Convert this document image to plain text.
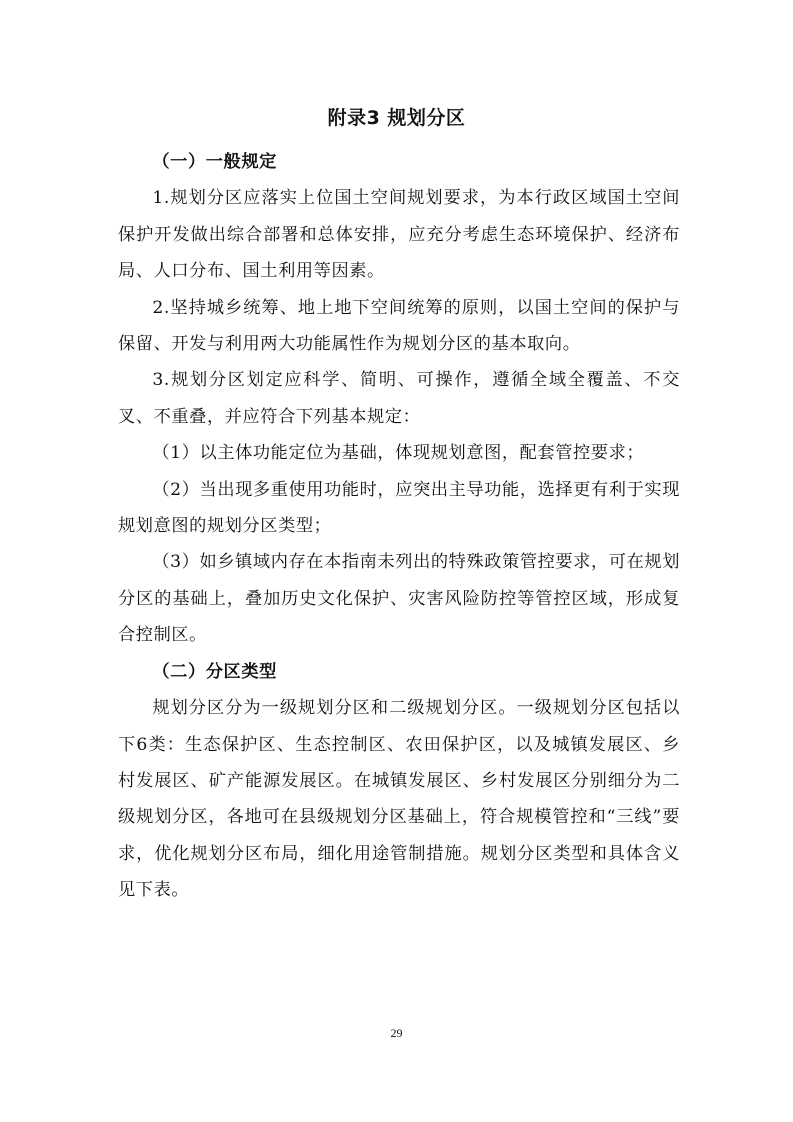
附录3 规划分区

（一）一般规定

1.规划分区应落实上位国土空间规划要求，为本行政区域国土空间保护开发做出综合部署和总体安排，应充分考虑生态环境保护、经济布局、人口分布、国土利用等因素。

2.坚持城乡统筹、地上地下空间统筹的原则，以国土空间的保护与保留、开发与利用两大功能属性作为规划分区的基本取向。

3.规划分区划定应科学、简明、可操作，遵循全域全覆盖、不交叉、不重叠，并应符合下列基本规定：

（1）以主体功能定位为基础，体现规划意图，配套管控要求；

（2）当出现多重使用功能时，应突出主导功能，选择更有利于实现规划意图的规划分区类型；

（3）如乡镇域内存在本指南未列出的特殊政策管控要求，可在规划分区的基础上，叠加历史文化保护、灾害风险防控等管控区域，形成复合控制区。

（二）分区类型

规划分区分为一级规划分区和二级规划分区。一级规划分区包括以下6类：生态保护区、生态控制区、农田保护区，以及城镇发展区、乡村发展区、矿产能源发展区。在城镇发展区、乡村发展区分别细分为二级规划分区，各地可在县级规划分区基础上，符合规模管控和“三线”要求，优化规划分区布局，细化用途管制措施。规划分区类型和具体含义见下表。

29
